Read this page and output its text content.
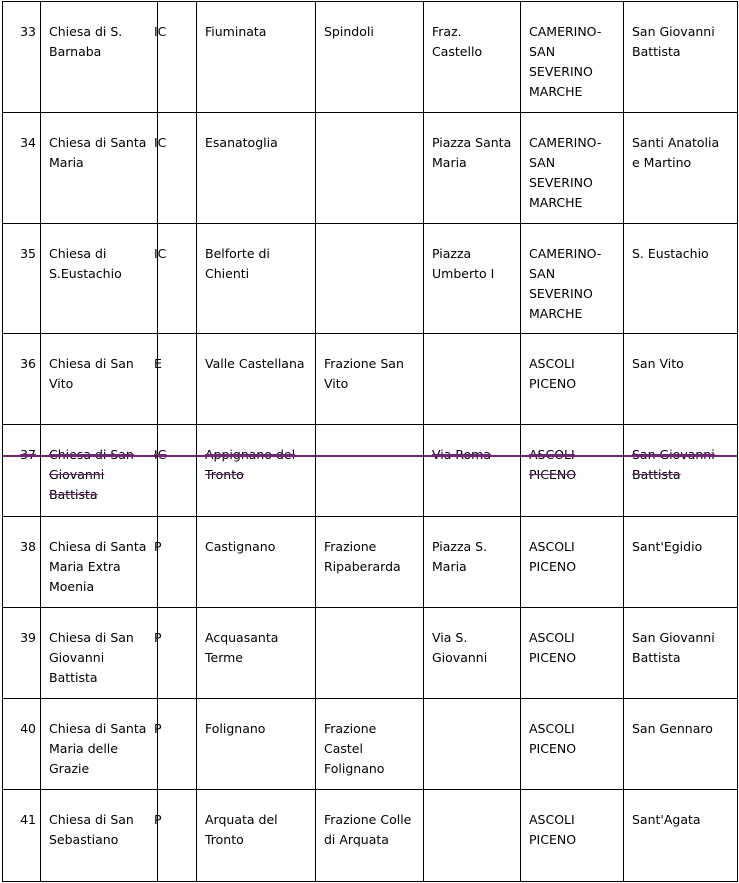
33	Chiesa di S. Barnaba	IC	Fiuminata	Spindoli	Fraz. Castello	CAMERINO-SAN SEVERINO MARCHE	San Giovanni Battista

34	Chiesa di Santa Maria	IC	Esanatoglia		Piazza Santa Maria	CAMERINO-SAN SEVERINO MARCHE	Santi Anatolia e Martino

35	Chiesa di S.Eustachio	IC	Belforte di Chienti		Piazza Umberto I	CAMERINO-SAN SEVERINO MARCHE	S. Eustachio

36	Chiesa di San Vito	E	Valle Castellana	Frazione San Vito		ASCOLI PICENO	San Vito

37	Chiesa di San Giovanni Battista	IC	Appignano del Tronto		Via Roma	ASCOLI PICENO	San Giovanni Battista

38	Chiesa di Santa Maria Extra Moenia	P	Castignano	Frazione Ripaberarda	Piazza S. Maria	ASCOLI PICENO	Sant'Egidio

39	Chiesa di San Giovanni Battista	P	Acquasanta Terme		Via S. Giovanni	ASCOLI PICENO	San Giovanni Battista

40	Chiesa di Santa Maria delle Grazie	P	Folignano	Frazione Castel Folignano		ASCOLI PICENO	San Gennaro

41	Chiesa di San Sebastiano	P	Arquata del Tronto	Frazione Colle di Arquata		ASCOLI PICENO	Sant'Agata
